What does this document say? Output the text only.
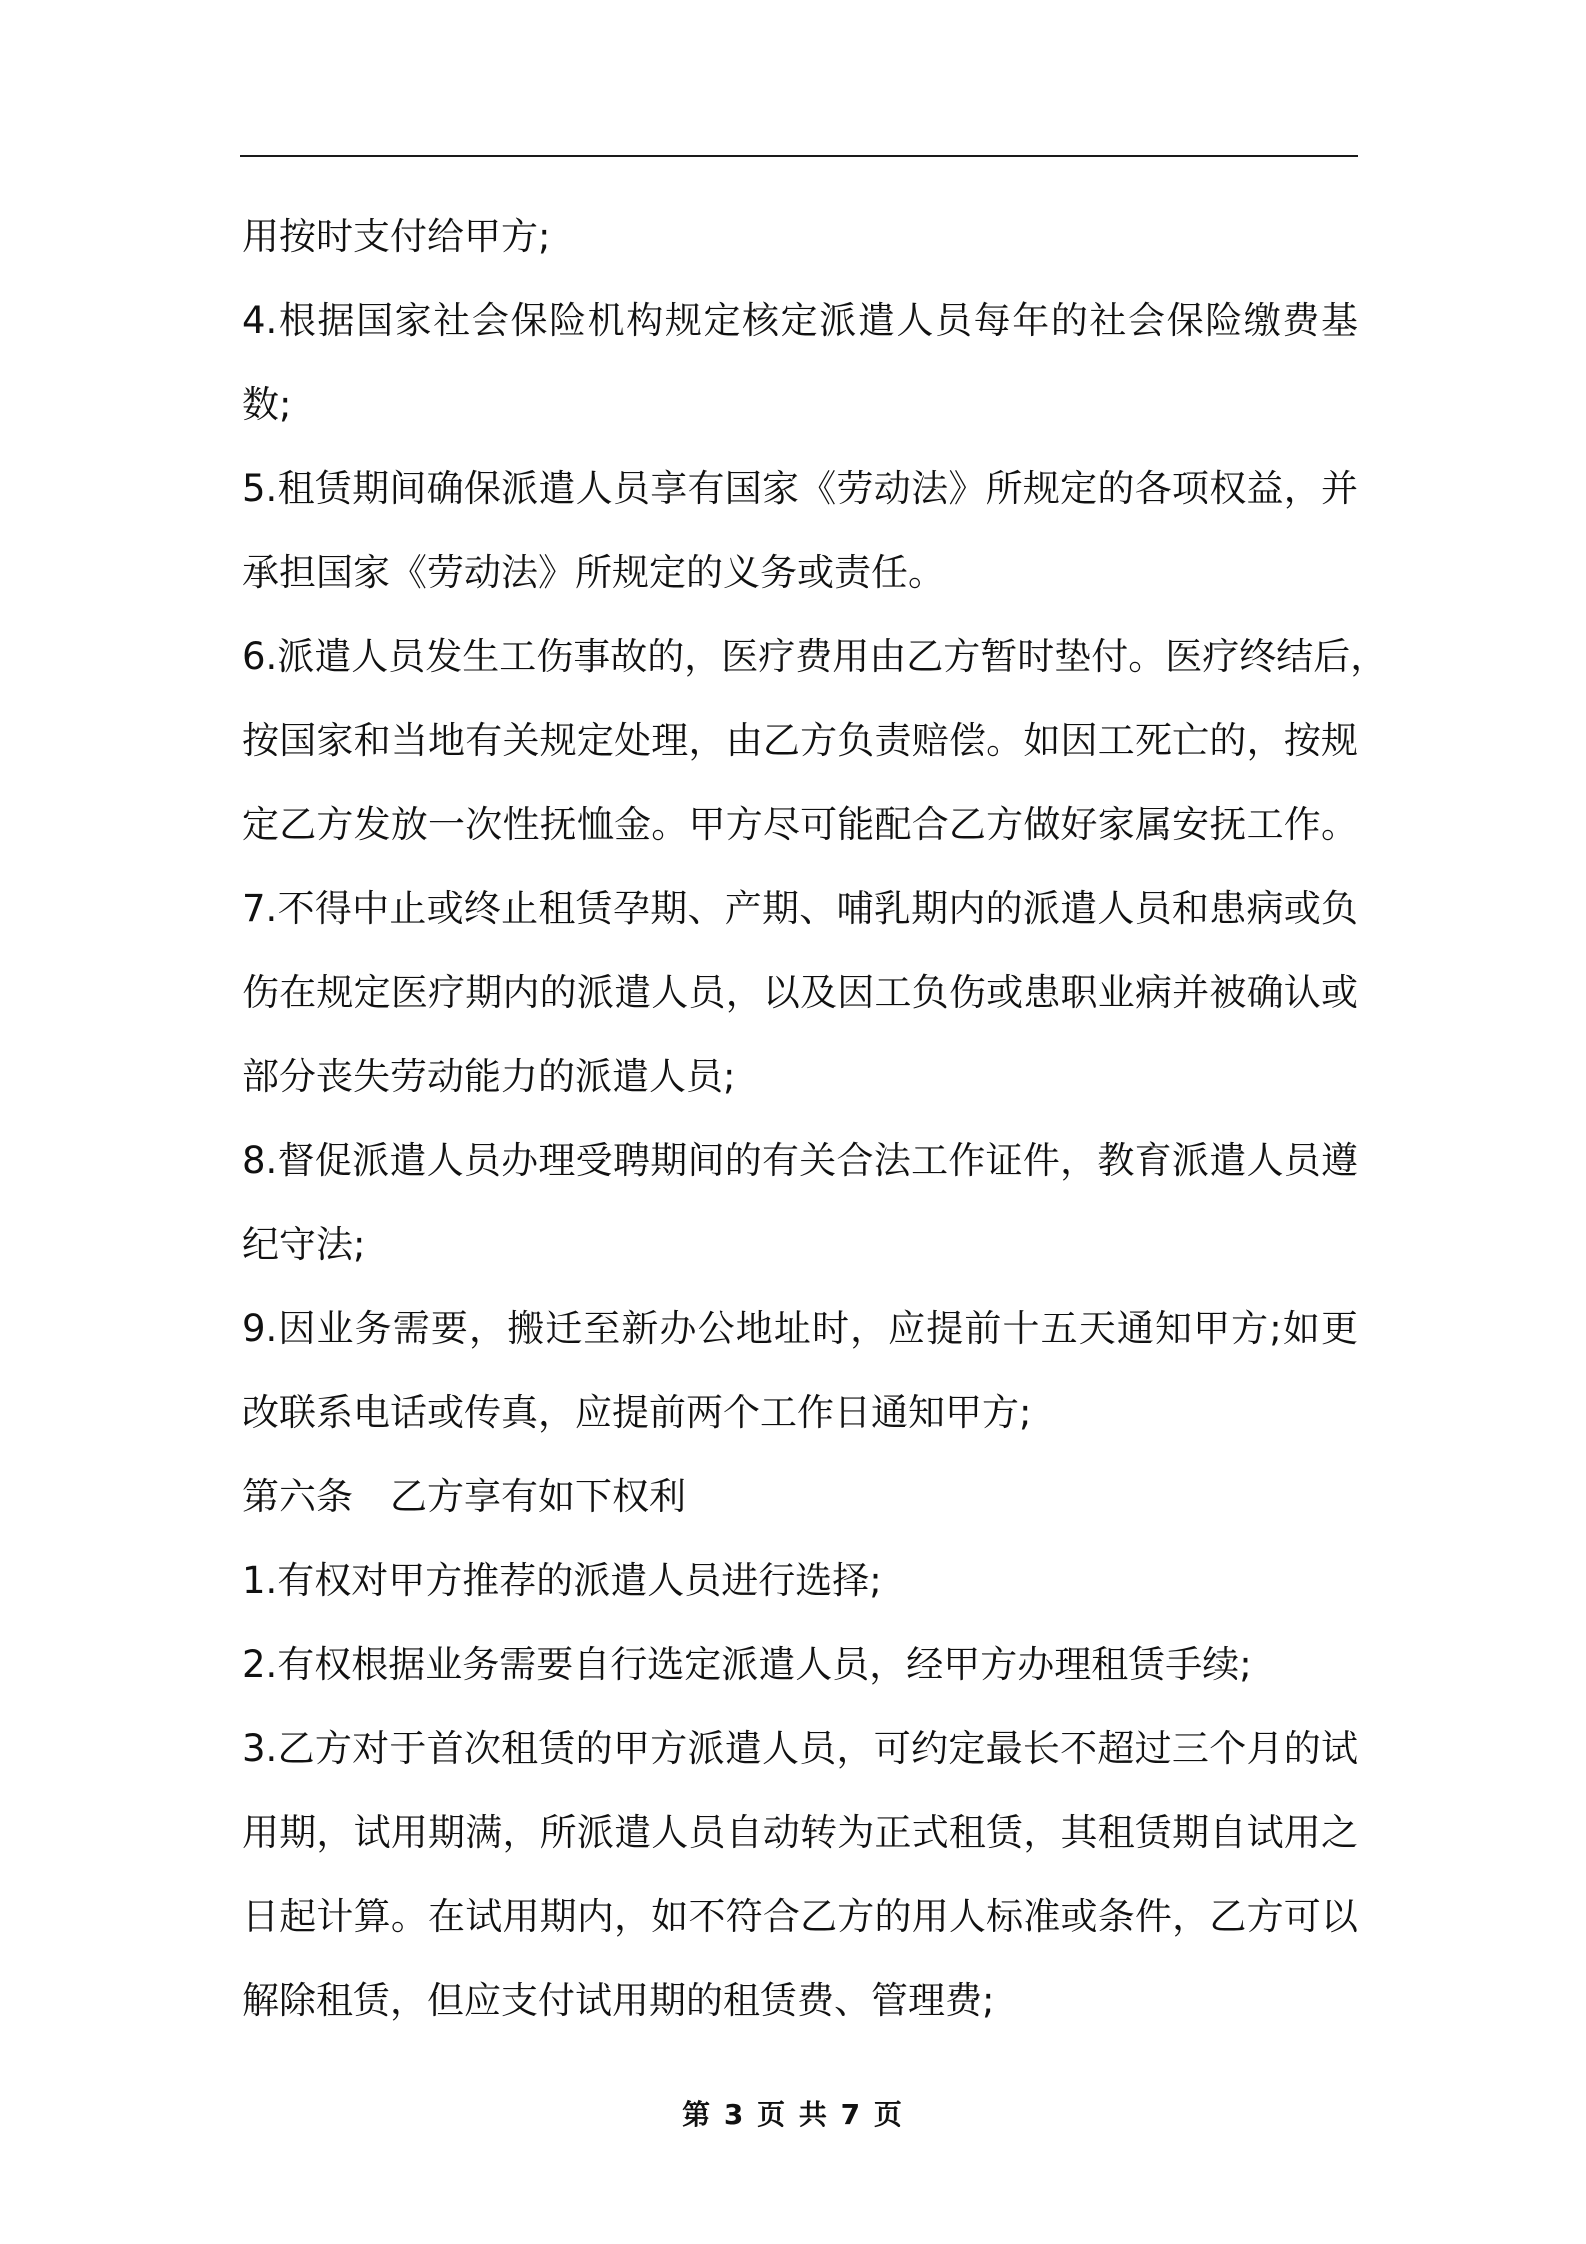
用按时支付给甲方;
4.根据国家社会保险机构规定核定派遣人员每年的社会保险缴费基
数;
5.租赁期间确保派遣人员享有国家《劳动法》所规定的各项权益，并
承担国家《劳动法》所规定的义务或责任。
6.派遣人员发生工伤事故的，医疗费用由乙方暂时垫付。医疗终结后，
按国家和当地有关规定处理，由乙方负责赔偿。如因工死亡的，按规
定乙方发放一次性抚恤金。甲方尽可能配合乙方做好家属安抚工作。
7.不得中止或终止租赁孕期、产期、哺乳期内的派遣人员和患病或负
伤在规定医疗期内的派遣人员，以及因工负伤或患职业病并被确认或
部分丧失劳动能力的派遣人员;
8.督促派遣人员办理受聘期间的有关合法工作证件，教育派遣人员遵
纪守法;
9.因业务需要，搬迁至新办公地址时，应提前十五天通知甲方;如更
改联系电话或传真，应提前两个工作日通知甲方;
第六条　乙方享有如下权利
1.有权对甲方推荐的派遣人员进行选择;
2.有权根据业务需要自行选定派遣人员，经甲方办理租赁手续;
3.乙方对于首次租赁的甲方派遣人员，可约定最长不超过三个月的试
用期，试用期满，所派遣人员自动转为正式租赁，其租赁期自试用之
日起计算。在试用期内，如不符合乙方的用人标准或条件，乙方可以
解除租赁，但应支付试用期的租赁费、管理费;
第 3 页 共 7 页
